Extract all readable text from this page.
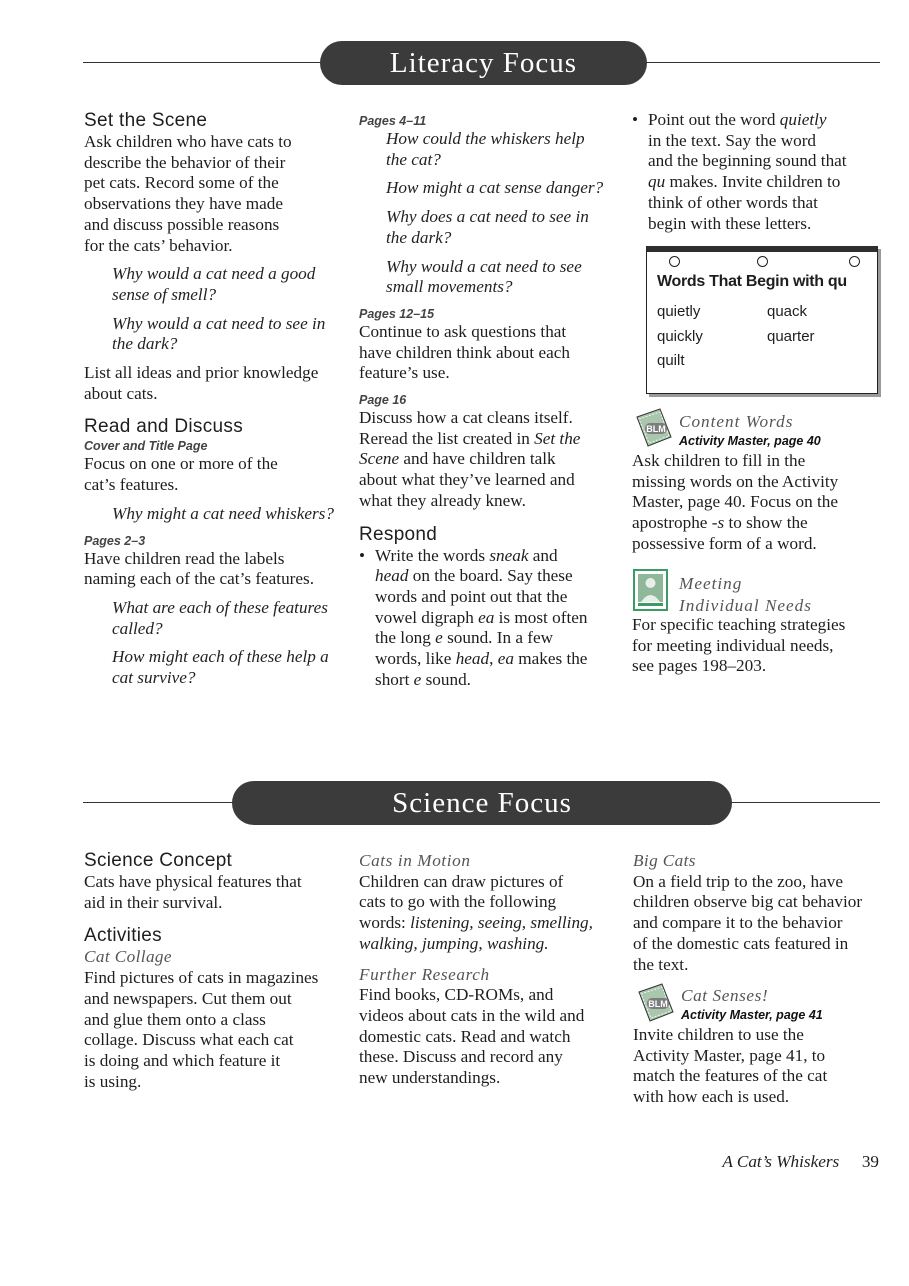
Literacy Focus
Set the Scene

Ask children who have cats to
describe the behavior of their
pet cats. Record some of the
observations they have made
and discuss possible reasons
for the cats’ behavior.

Why would a cat need a good
sense of smell?

Why would a cat need to see in
the dark?

List all ideas and prior knowledge
about cats.

Read and Discuss
Cover and Title Page

Focus on one or more of the
cat’s features.

Why might a cat need whiskers?

Pages 2–3

Have children read the labels
naming each of the cat’s features.

What are each of these features
called?

How might each of these help a
cat survive?

Pages 4–11

How could the whiskers help
the cat?

How might a cat sense danger?

Why does a cat need to see in
the dark?

Why would a cat need to see
small movements?

Pages 12–15

Continue to ask questions that
have children think about each
feature’s use.

Page 16

Discuss how a cat cleans itself.
Reread the list created in Set the
Scene and have children talk
about what they’ve learned and
what they already knew.

Respond

• Write the words sneak and
head on the board. Say these
words and point out that the
vowel digraph ea is most often
the long e sound. In a few
words, like head, ea makes the
short e sound.

• Point out the word quietly
in the text. Say the word
and the beginning sound that
qu makes. Invite children to
think of other words that
begin with these letters.

Words That Begin with qu
quietly	quack
quickly	quarter
quilt
BLM Content Words
Activity Master, page 40

Ask children to fill in the
missing words on the Activity
Master, page 40. Focus on the
apostrophe -s to show the
possessive form of a word.

Meeting
Individual Needs

For specific teaching strategies
for meeting individual needs,
see pages 198–203.

Science Focus
Science Concept

Cats have physical features that
aid in their survival.

Activities
Cat Collage

Find pictures of cats in magazines
and newspapers. Cut them out
and glue them onto a class
collage. Discuss what each cat
is doing and which feature it
is using.

Cats in Motion

Children can draw pictures of
cats to go with the following
words: listening, seeing, smelling,
walking, jumping, washing.

Further Research

Find books, CD-ROMs, and
videos about cats in the wild and
domestic cats. Read and watch
these. Discuss and record any
new understandings.

Big Cats

On a field trip to the zoo, have
children observe big cat behavior
and compare it to the behavior
of the domestic cats featured in
the text.

BLM Cat Senses!
Activity Master, page 41

Invite children to use the
Activity Master, page 41, to
match the features of the cat
with how each is used.

A Cat’s Whiskers 39
